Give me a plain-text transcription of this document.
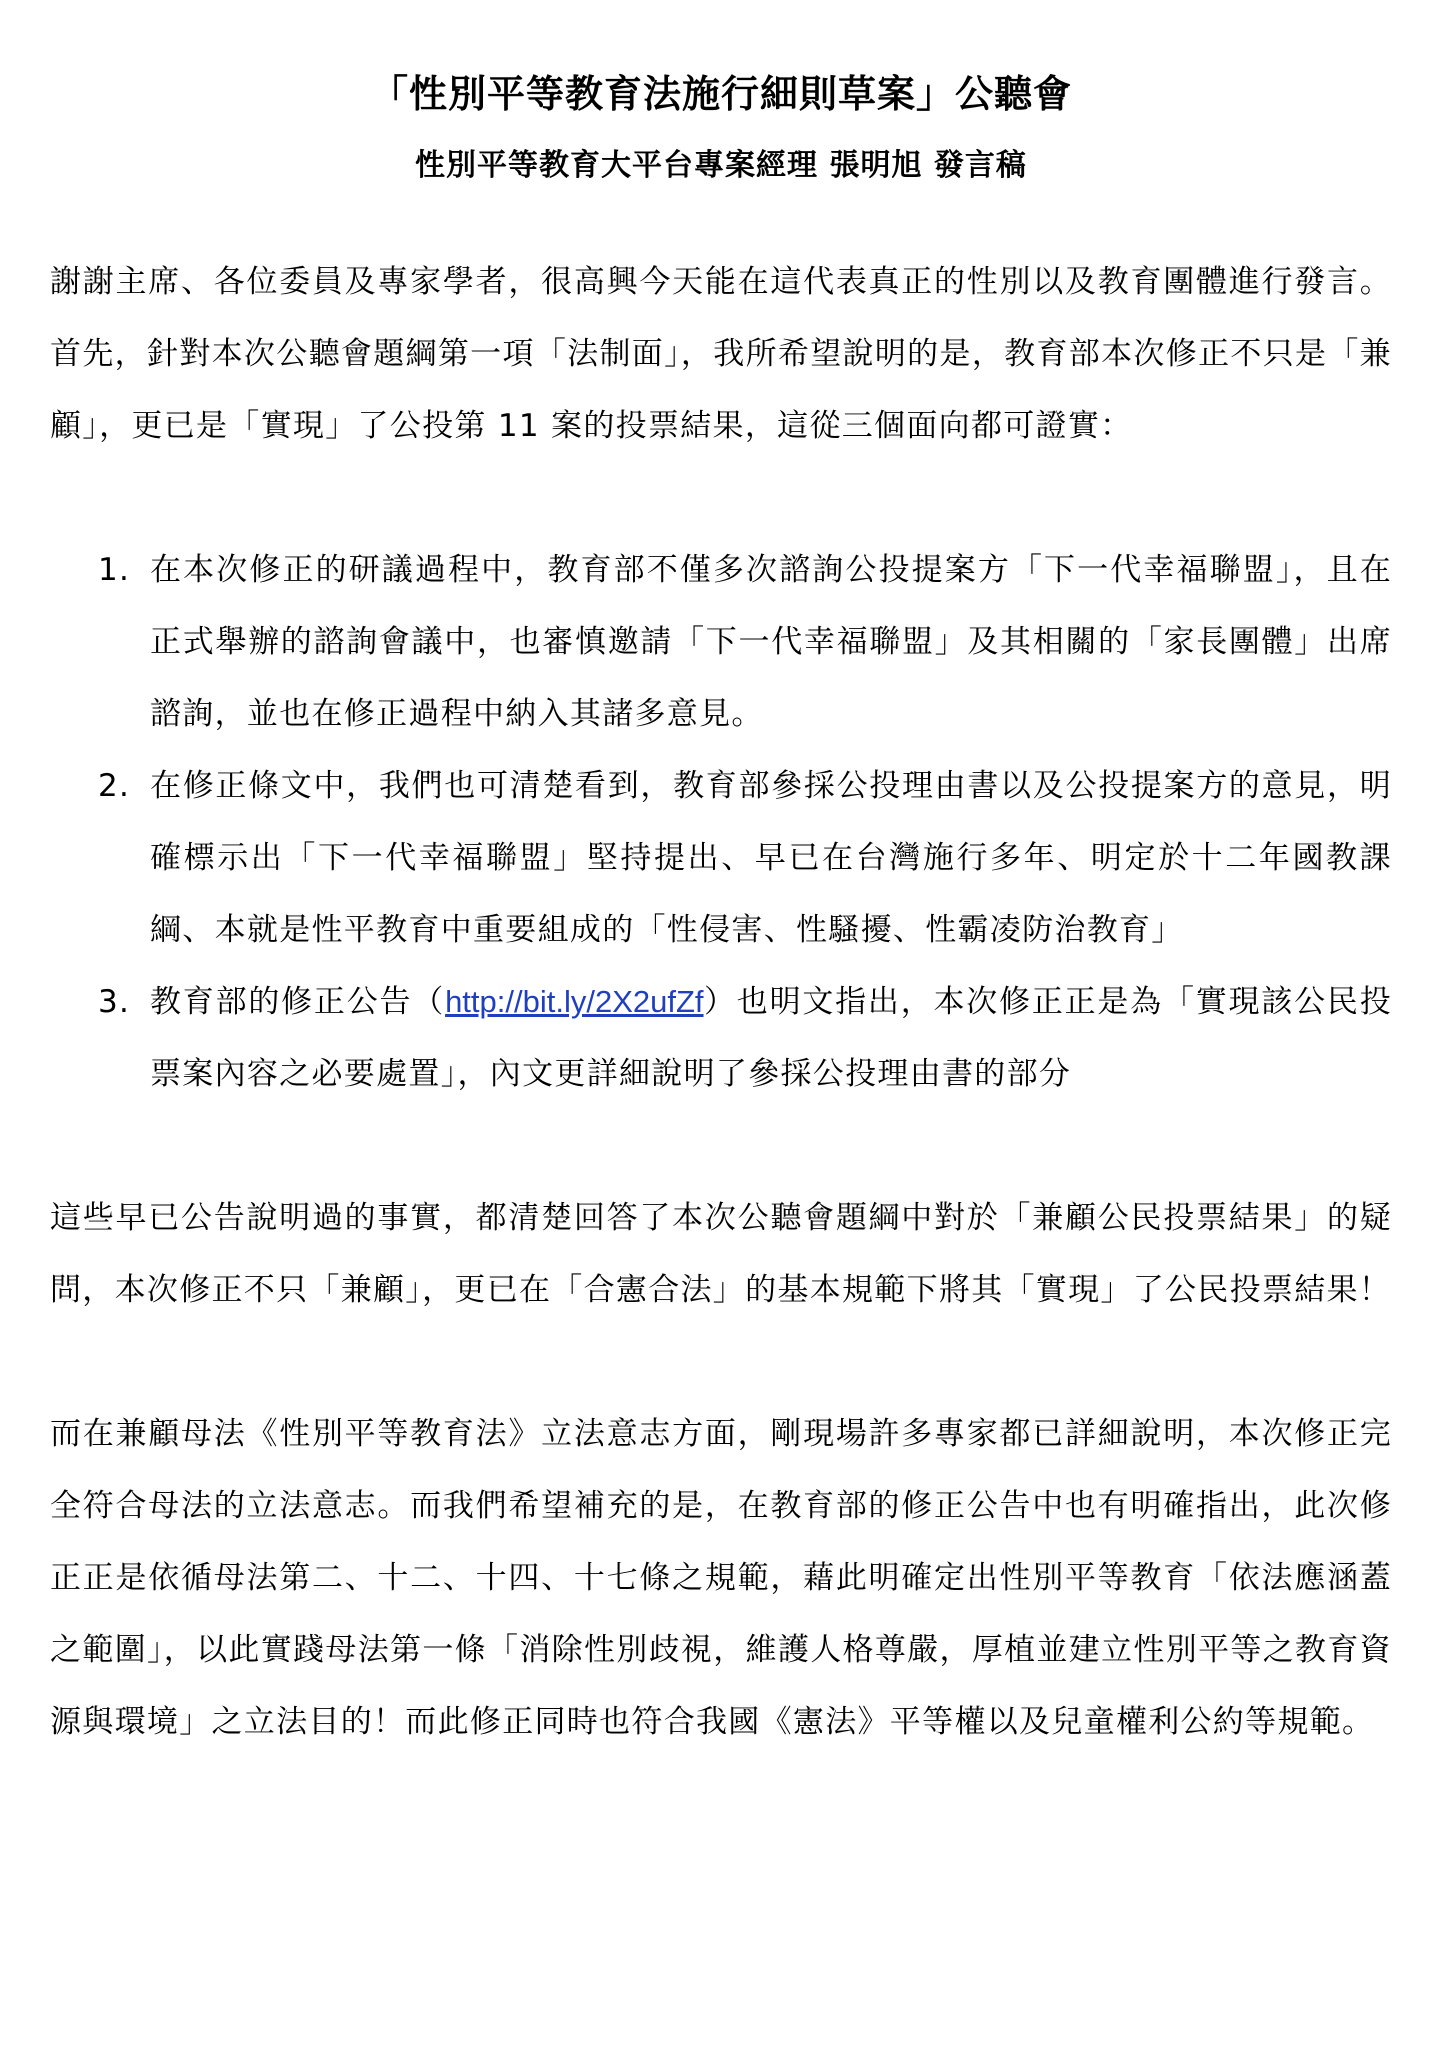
「性別平等教育法施行細則草案」公聽會
性別平等教育大平台專案經理 張明旭 發言稿

謝謝主席、各位委員及專家學者，很高興今天能在這代表真正的性別以及教育團體進行發言。首先，針對本次公聽會題綱第一項「法制面」，我所希望說明的是，教育部本次修正不只是「兼顧」，更已是「實現」了公投第 11 案的投票結果，這從三個面向都可證實：

1. 在本次修正的研議過程中，教育部不僅多次諮詢公投提案方「下一代幸福聯盟」，且在正式舉辦的諮詢會議中，也審慎邀請「下一代幸福聯盟」及其相關的「家長團體」出席諮詢，並也在修正過程中納入其諸多意見。
2. 在修正條文中，我們也可清楚看到，教育部參採公投理由書以及公投提案方的意見，明確標示出「下一代幸福聯盟」堅持提出、早已在台灣施行多年、明定於十二年國教課綱、本就是性平教育中重要組成的「性侵害、性騷擾、性霸凌防治教育」
3. 教育部的修正公告（http://bit.ly/2X2ufZf）也明文指出，本次修正正是為「實現該公民投票案內容之必要處置」，內文更詳細說明了參採公投理由書的部分

這些早已公告說明過的事實，都清楚回答了本次公聽會題綱中對於「兼顧公民投票結果」的疑問，本次修正不只「兼顧」，更已在「合憲合法」的基本規範下將其「實現」了公民投票結果！

而在兼顧母法《性別平等教育法》立法意志方面，剛現場許多專家都已詳細說明，本次修正完全符合母法的立法意志。而我們希望補充的是，在教育部的修正公告中也有明確指出，此次修正正是依循母法第二、十二、十四、十七條之規範，藉此明確定出性別平等教育「依法應涵蓋之範圍」，以此實踐母法第一條「消除性別歧視，維護人格尊嚴，厚植並建立性別平等之教育資源與環境」之立法目的！而此修正同時也符合我國《憲法》平等權以及兒童權利公約等規範。
